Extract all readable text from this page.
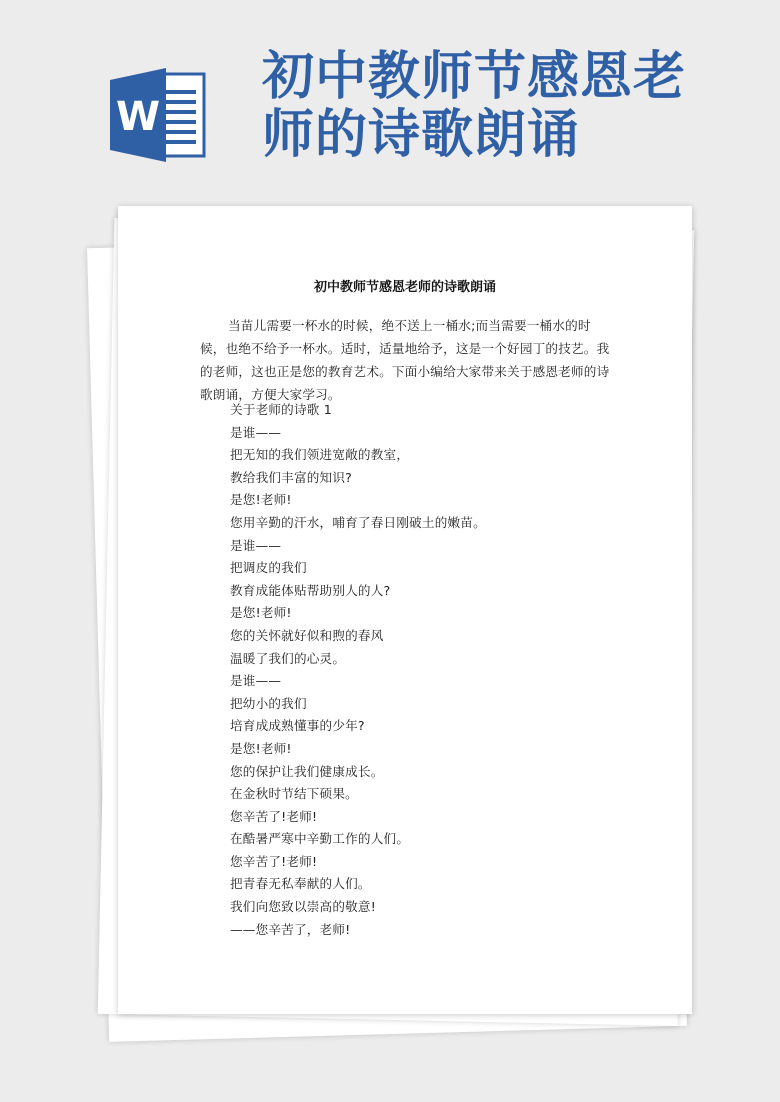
W
初中教师节感恩老
师的诗歌朗诵
初中教师节感恩老师的诗歌朗诵

当苗儿需要一杯水的时候，绝不送上一桶水;而当需要一桶水的时候，也绝不给予一杯水。适时，适量地给予，这是一个好园丁的技艺。我的老师，这也正是您的教育艺术。下面小编给大家带来关于感恩老师的诗歌朗诵，方便大家学习。

关于老师的诗歌 1
是谁——
把无知的我们领进宽敞的教室，
教给我们丰富的知识?
是您!老师!
您用辛勤的汗水，哺育了春日刚破土的嫩苗。
是谁——
把调皮的我们
教育成能体贴帮助别人的人?
是您!老师!
您的关怀就好似和煦的春风
温暖了我们的心灵。
是谁——
把幼小的我们
培育成成熟懂事的少年?
是您!老师!
您的保护让我们健康成长。
在金秋时节结下硕果。
您辛苦了!老师!
在酷暑严寒中辛勤工作的人们。
您辛苦了!老师!
把青春无私奉献的人们。
我们向您致以崇高的敬意!
——您辛苦了，老师!
